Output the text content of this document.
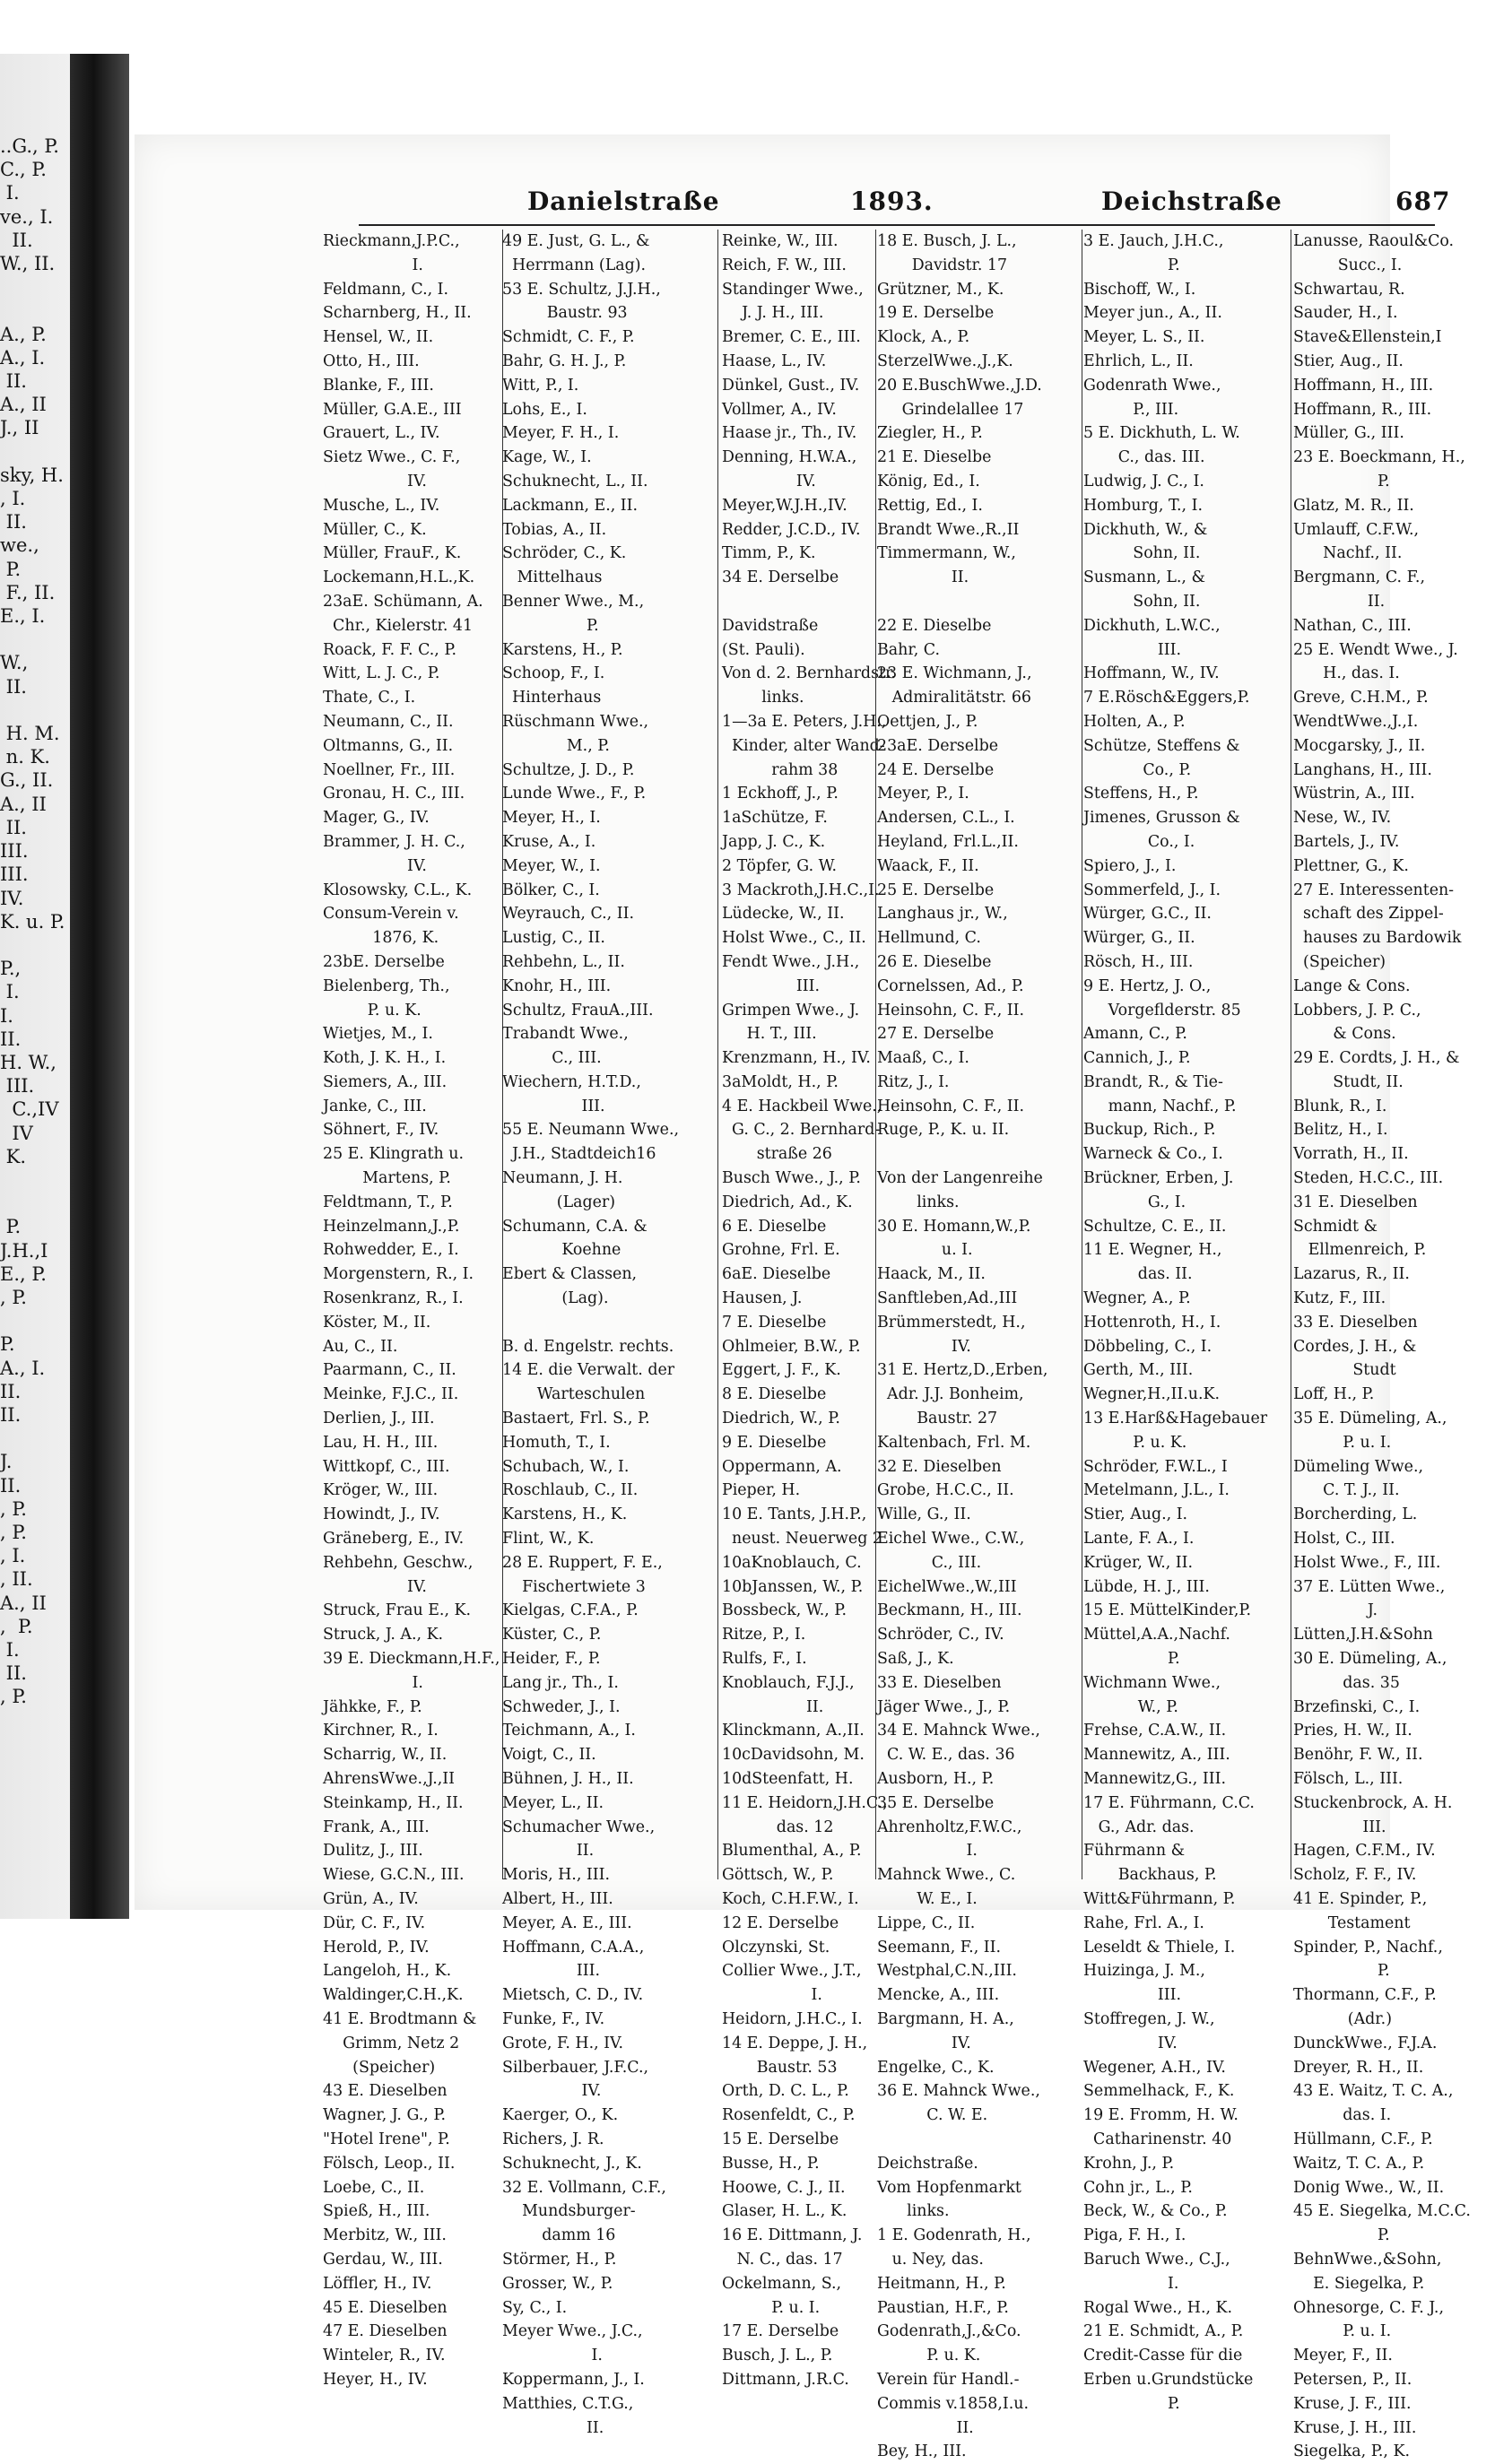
..G., P.
C., P.
I.
ve., I.
II.
W., II.

A., P.
A., I.
II.
A., II
J., II

sky, H.
, I.
II.
we.,
P.
F., II.
E., I.

W.,
II.

H. M.
n. K.
G., II.
A., II
II.
III.
III.
IV.
K. u. P.

P.,
I.
I.
II.
H. W.,
III.
C.,IV
IV
K.

P.
J.H.,I
E., P.
, P.

P.
A., I.
II.
II.

J.
II.
, P.
, P.
, I.
, II.
A., II
,  P.
I.
II.
, P.
Danielstraße	1893.	Deichstraße	687
Rieckmann,J.P.C.,
I.
Feldmann, C., I.
Scharnberg, H., II.
Hensel, W., II.
Otto, H., III.
Blanke, F., III.
Müller, G.A.E., III
Grauert, L., IV.
Sietz Wwe., C. F.,
IV.
Musche, L., IV.
Müller, C., K.
Müller, FrauF., K.
Lockemann,H.L.,K.
23aE. Schümann, A.
Chr., Kielerstr. 41
Roack, F. F. C., P.
Witt, L. J. C., P.
Thate, C., I.
Neumann, C., II.
Oltmanns, G., II.
Noellner, Fr., III.
Gronau, H. C., III.
Mager, G., IV.
Brammer, J. H. C.,
IV.
Klosowsky, C.L., K.
Consum-Verein v.
1876, K.
23bE. Derselbe
Bielenberg, Th.,
P. u. K.
Wietjes, M., I.
Koth, J. K. H., I.
Siemers, A., III.
Janke, C., III.
Söhnert, F., IV.
25 E. Klingrath u.
Martens, P.
Feldtmann, T., P.
Heinzelmann,J.,P.
Rohwedder, E., I.
Morgenstern, R., I.
Rosenkranz, R., I.
Köster, M., II.
Au, C., II.
Paarmann, C., II.
Meinke, F.J.C., II.
Derlien, J., III.
Lau, H. H., III.
Wittkopf, C., III.
Kröger, W., III.
Howindt, J., IV.
Gräneberg, E., IV.
Rehbehn, Geschw.,
IV.
Struck, Frau E., K.
Struck, J. A., K.
39 E. Dieckmann,H.F.,
I.
Jähkke, F., P.
Kirchner, R., I.
Scharrig, W., II.
AhrensWwe.,J.,II
Steinkamp, H., II.
Frank, A., III.
Dulitz, J., III.
Wiese, G.C.N., III.
Grün, A., IV.
Dür, C. F., IV.
Herold, P., IV.
Langeloh, H., K.
Waldinger,C.H.,K.
41 E. Brodtmann &
Grimm, Netz 2
(Speicher)
43 E. Dieselben
Wagner, J. G., P.
"Hotel Irene", P.
Fölsch, Leop., II.
Loebe, C., II.
Spieß, H., III.
Merbitz, W., III.
Gerdau, W., III.
Löffler, H., IV.
45 E. Dieselben
47 E. Dieselben
Winteler, R., IV.
Heyer, H., IV.
49 E. Just, G. L., &
Herrmann (Lag).
53 E. Schultz, J.J.H.,
Baustr. 93
Schmidt, C. F., P.
Bahr, G. H. J., P.
Witt, P., I.
Lohs, E., I.
Meyer, F. H., I.
Kage, W., I.
Schuknecht, L., II.
Lackmann, E., II.
Tobias, A., II.
Schröder, C., K.
Mittelhaus
Benner Wwe., M.,
P.
Karstens, H., P.
Schoop, F., I.
Hinterhaus
Rüschmann Wwe.,
M., P.
Schultze, J. D., P.
Lunde Wwe., F., P.
Meyer, H., I.
Kruse, A., I.
Meyer, W., I.
Bölker, C., I.
Weyrauch, C., II.
Lustig, C., II.
Rehbehn, L., II.
Knohr, H., III.
Schultz, FrauA.,III.
Trabandt Wwe.,
C., III.
Wiechern, H.T.D.,
III.
55 E. Neumann Wwe.,
J.H., Stadtdeich16
Neumann, J. H.
(Lager)
Schumann, C.A. &
Koehne
Ebert & Classen,
(Lag).

B. d. Engelstr. rechts.
14 E. die Verwalt. der
Warteschulen
Bastaert, Frl. S., P.
Homuth, T., I.
Schubach, W., I.
Roschlaub, C., II.
Karstens, H., K.
Flint, W., K.
28 E. Ruppert, F. E.,
Fischertwiete 3
Kielgas, C.F.A., P.
Küster, C., P.
Heider, F., P.
Lang jr., Th., I.
Schweder, J., I.
Teichmann, A., I.
Voigt, C., II.
Bühnen, J. H., II.
Meyer, L., II.
Schumacher Wwe.,
II.
Moris, H., III.
Albert, H., III.
Meyer, A. E., III.
Hoffmann, C.A.A.,
III.
Mietsch, C. D., IV.
Funke, F., IV.
Grote, F. H., IV.
Silberbauer, J.F.C.,
IV.
Kaerger, O., K.
Richers, J. R.
Schuknecht, J., K.
32 E. Vollmann, C.F.,
Mundsburger-
damm 16
Störmer, H., P.
Grosser, W., P.
Sy, C., I.
Meyer Wwe., J.C.,
I.
Koppermann, J., I.
Matthies, C.T.G.,
II.
Reinke, W., III.
Reich, F. W., III.
Standinger Wwe.,
J. J. H., III.
Bremer, C. E., III.
Haase, L., IV.
Dünkel, Gust., IV.
Vollmer, A., IV.
Haase jr., Th., IV.
Denning, H.W.A.,
IV.
Meyer,W.J.H.,IV.
Redder, J.C.D., IV.
Timm, P., K.
34 E. Derselbe

Davidstraße
(St. Pauli).
Von d. 2. Bernhardstr.
links.
1—3a E. Peters, J.H.,
Kinder, alter Wand-
rahm 38
1 Eckhoff, J., P.
1aSchütze, F.
Japp, J. C., K.
2 Töpfer, G. W.
3 Mackroth,J.H.C.,I.
Lüdecke, W., II.
Holst Wwe., C., II.
Fendt Wwe., J.H.,
III.
Grimpen Wwe., J.
H. T., III.
Krenzmann, H., IV.
3aMoldt, H., P.
4 E. Hackbeil Wwe.,
G. C., 2. Bernhard-
straße 26
Busch Wwe., J., P.
Diedrich, Ad., K.
6 E. Dieselbe
Grohne, Frl. E.
6aE. Dieselbe
Hausen, J.
7 E. Dieselbe
Ohlmeier, B.W., P.
Eggert, J. F., K.
8 E. Dieselbe
Diedrich, W., P.
9 E. Dieselbe
Oppermann, A.
Pieper, H.
10 E. Tants, J.H.P.,
neust. Neuerweg 2
10aKnoblauch, C.
10bJanssen, W., P.
Bossbeck, W., P.
Ritze, P., I.
Rulfs, F., I.
Knoblauch, F.J.J.,
II.
Klinckmann, A.,II.
10cDavidsohn, M.
10dSteenfatt, H.
11 E. Heidorn,J.H.C.,
das. 12
Blumenthal, A., P.
Göttsch, W., P.
Koch, C.H.F.W., I.
12 E. Derselbe
Olczynski, St.
Collier Wwe., J.T.,
I.
Heidorn, J.H.C., I.
14 E. Deppe, J. H.,
Baustr. 53
Orth, D. C. L., P.
Rosenfeldt, C., P.
15 E. Derselbe
Busse, H., P.
Hoowe, C. J., II.
Glaser, H. L., K.
16 E. Dittmann, J.
N. C., das. 17
Ockelmann, S.,
P. u. I.
17 E. Derselbe
Busch, J. L., P.
Dittmann, J.R.C.
18 E. Busch, J. L.,
Davidstr. 17
Grützner, M., K.
19 E. Derselbe
Klock, A., P.
SterzelWwe.,J.,K.
20 E.BuschWwe.,J.D.
Grindelallee 17
Ziegler, H., P.
21 E. Dieselbe
König, Ed., I.
Rettig, Ed., I.
Brandt Wwe.,R.,II
Timmermann, W.,
II.

22 E. Dieselbe
Bahr, C.
23 E. Wichmann, J.,
Admiralitätstr. 66
Oettjen, J., P.
23aE. Derselbe
24 E. Derselbe
Meyer, P., I.
Andersen, C.L., I.
Heyland, Frl.L.,II.
Waack, F., II.
25 E. Derselbe
Langhaus jr., W.,
Hellmund, C.
26 E. Dieselbe
Cornelssen, Ad., P.
Heinsohn, C. F., II.
27 E. Derselbe
Maaß, C., I.
Ritz, J., I.
Heinsohn, C. F., II.
Ruge, P., K. u. II.

Von der Langenreihe
links.
30 E. Homann,W.,P.
u. I.
Haack, M., II.
Sanftleben,Ad.,III
Brümmerstedt, H.,
IV.
31 E. Hertz,D.,Erben,
Adr. J.J. Bonheim,
Baustr. 27
Kaltenbach, Frl. M.
32 E. Dieselben
Grobe, H.C.C., II.
Wille, G., II.
Eichel Wwe., C.W.,
C., III.
EichelWwe.,W.,III
Beckmann, H., III.
Schröder, C., IV.
Saß, J., K.
33 E. Dieselben
Jäger Wwe., J., P.
34 E. Mahnck Wwe.,
C. W. E., das. 36
Ausborn, H., P.
35 E. Derselbe
Ahrenholtz,F.W.C.,
I.
Mahnck Wwe., C.
W. E., I.
Lippe, C., II.
Seemann, F., II.
Westphal,C.N.,III.
Mencke, A., III.
Bargmann, H. A.,
IV.
Engelke, C., K.
36 E. Mahnck Wwe.,
C. W. E.

Deichstraße.
Vom Hopfenmarkt
links.
1 E. Godenrath, H.,
u. Ney, das.
Heitmann, H., P.
Paustian, H.F., P.
Godenrath,J.,&Co.
P. u. K.
Verein für Handl.-
Commis v.1858,I.u.
II.
Bey, H., III.
3 E. Jauch, J.H.C.,
P.
Bischoff, W., I.
Meyer jun., A., II.
Meyer, L. S., II.
Ehrlich, L., II.
Godenrath Wwe.,
P., III.
5 E. Dickhuth, L. W.
C., das. III.
Ludwig, J. C., I.
Homburg, T., I.
Dickhuth, W., &
Sohn, II.
Susmann, L., &
Sohn, II.
Dickhuth, L.W.C.,
III.
Hoffmann, W., IV.
7 E.Rösch&Eggers,P.
Holten, A., P.
Schütze, Steffens &
Co., P.
Steffens, H., P.
Jimenes, Grusson &
Co., I.
Spiero, J., I.
Sommerfeld, J., I.
Würger, G.C., II.
Würger, G., II.
Rösch, H., III.
9 E. Hertz, J. O.,
Vorgeflderstr. 85
Amann, C., P.
Cannich, J., P.
Brandt, R., & Tie-
mann, Nachf., P.
Buckup, Rich., P.
Warneck & Co., I.
Brückner, Erben, J.
G., I.
Schultze, C. E., II.
11 E. Wegner, H.,
das. II.
Wegner, A., P.
Hottenroth, H., I.
Döbbeling, C., I.
Gerth, M., III.
Wegner,H.,II.u.K.
13 E.Harß&Hagebauer
P. u. K.
Schröder, F.W.L., I
Metelmann, J.L., I.
Stier, Aug., I.
Lante, F. A., I.
Krüger, W., II.
Lübde, H. J., III.
15 E. MüttelKinder,P.
Müttel,A.A.,Nachf.
P.
Wichmann Wwe.,
W., P.
Frehse, C.A.W., II.
Mannewitz, A., III.
Mannewitz,G., III.
17 E. Führmann, C.C.
G., Adr. das.
Führmann &
Backhaus, P.
Witt&Führmann, P.
Rahe, Frl. A., I.
Leseldt & Thiele, I.
Huizinga, J. M.,
III.
Stoffregen, J. W.,
IV.
Wegener, A.H., IV.
Semmelhack, F., K.
19 E. Fromm, H. W.
Catharinenstr. 40
Krohn, J., P.
Cohn jr., L., P.
Beck, W., & Co., P.
Piga, F. H., I.
Baruch Wwe., C.J.,
I.
Rogal Wwe., H., K.
21 E. Schmidt, A., P.
Credit-Casse für die
Erben u.Grundstücke
P.
Lanusse, Raoul&Co.
Succ., I.
Schwartau, R.
Sauder, H., I.
Stave&Ellenstein,I
Stier, Aug., II.
Hoffmann, H., III.
Hoffmann, R., III.
Müller, G., III.
23 E. Boeckmann, H.,
P.
Glatz, M. R., II.
Umlauff, C.F.W.,
Nachf., II.
Bergmann, C. F.,
II.
Nathan, C., III.
25 E. Wendt Wwe., J.
H., das. I.
Greve, C.H.M., P.
WendtWwe.,J.,I.
Mocgarsky, J., II.
Langhans, H., III.
Wüstrin, A., III.
Nese, W., IV.
Bartels, J., IV.
Plettner, G., K.
27 E. Interessenten-
schaft des Zippel-
hauses zu Bardowik
(Speicher)
Lange & Cons.
Lobbers, J. P. C.,
& Cons.
29 E. Cordts, J. H., &
Studt, II.
Blunk, R., I.
Belitz, H., I.
Vorrath, H., II.
Steden, H.C.C., III.
31 E. Dieselben
Schmidt &
Ellmenreich, P.
Lazarus, R., II.
Kutz, F., III.
33 E. Dieselben
Cordes, J. H., &
Studt
Loff, H., P.
35 E. Dümeling, A.,
P. u. I.
Dümeling Wwe.,
C. T. J., II.
Borcherding, L.
Holst, C., III.
Holst Wwe., F., III.
37 E. Lütten Wwe.,
J.
Lütten,J.H.&Sohn
30 E. Dümeling, A.,
das. 35
Brzefinski, C., I.
Pries, H. W., II.
Benöhr, F. W., II.
Fölsch, L., III.
Stuckenbrock, A. H.
III.
Hagen, C.F.M., IV.
Scholz, F. F., IV.
41 E. Spinder, P.,
Testament
Spinder, P., Nachf.,
P.
Thormann, C.F., P.
(Adr.)
DunckWwe., F.J.A.
Dreyer, R. H., II.
43 E. Waitz, T. C. A.,
das. I.
Hüllmann, C.F., P.
Waitz, T. C. A., P.
Donig Wwe., W., II.
45 E. Siegelka, M.C.C.
P.
BehnWwe.,&Sohn,
E. Siegelka, P.
Ohnesorge, C. F. J.,
P. u. I.
Meyer, F., II.
Petersen, P., II.
Kruse, J. F., III.
Kruse, J. H., III.
Siegelka, P., K.
